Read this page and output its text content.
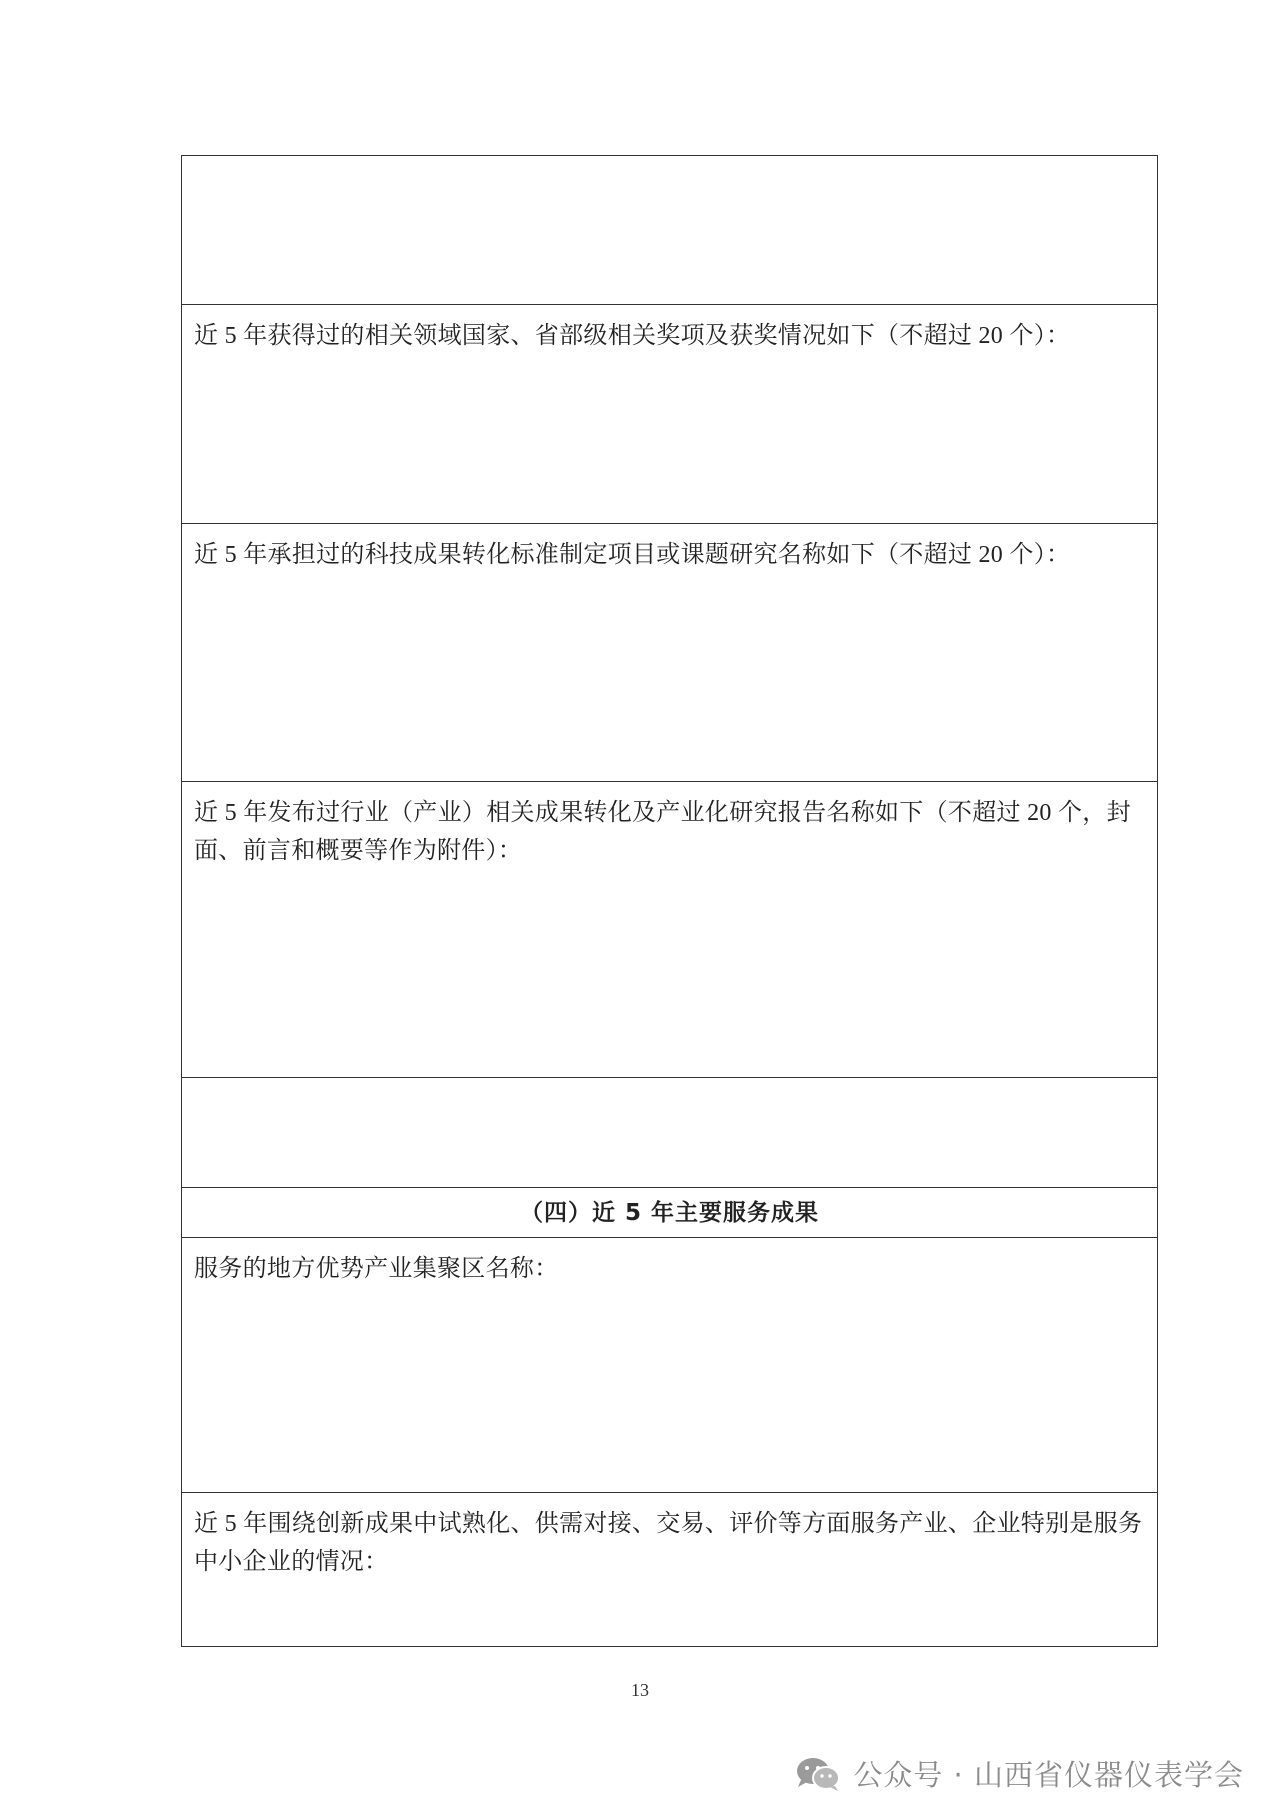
近 5 年获得过的相关领域国家、省部级相关奖项及获奖情况如下（不超过 20 个）：
近 5 年承担过的科技成果转化标准制定项目或课题研究名称如下（不超过 20 个）：
近 5 年发布过行业（产业）相关成果转化及产业化研究报告名称如下（不超过 20 个，封面、前言和概要等作为附件）：
（四）近 5 年主要服务成果
服务的地方优势产业集聚区名称：
近 5 年围绕创新成果中试熟化、供需对接、交易、评价等方面服务产业、企业特别是服务中小企业的情况：
13
公众号 · 山西省仪器仪表学会
